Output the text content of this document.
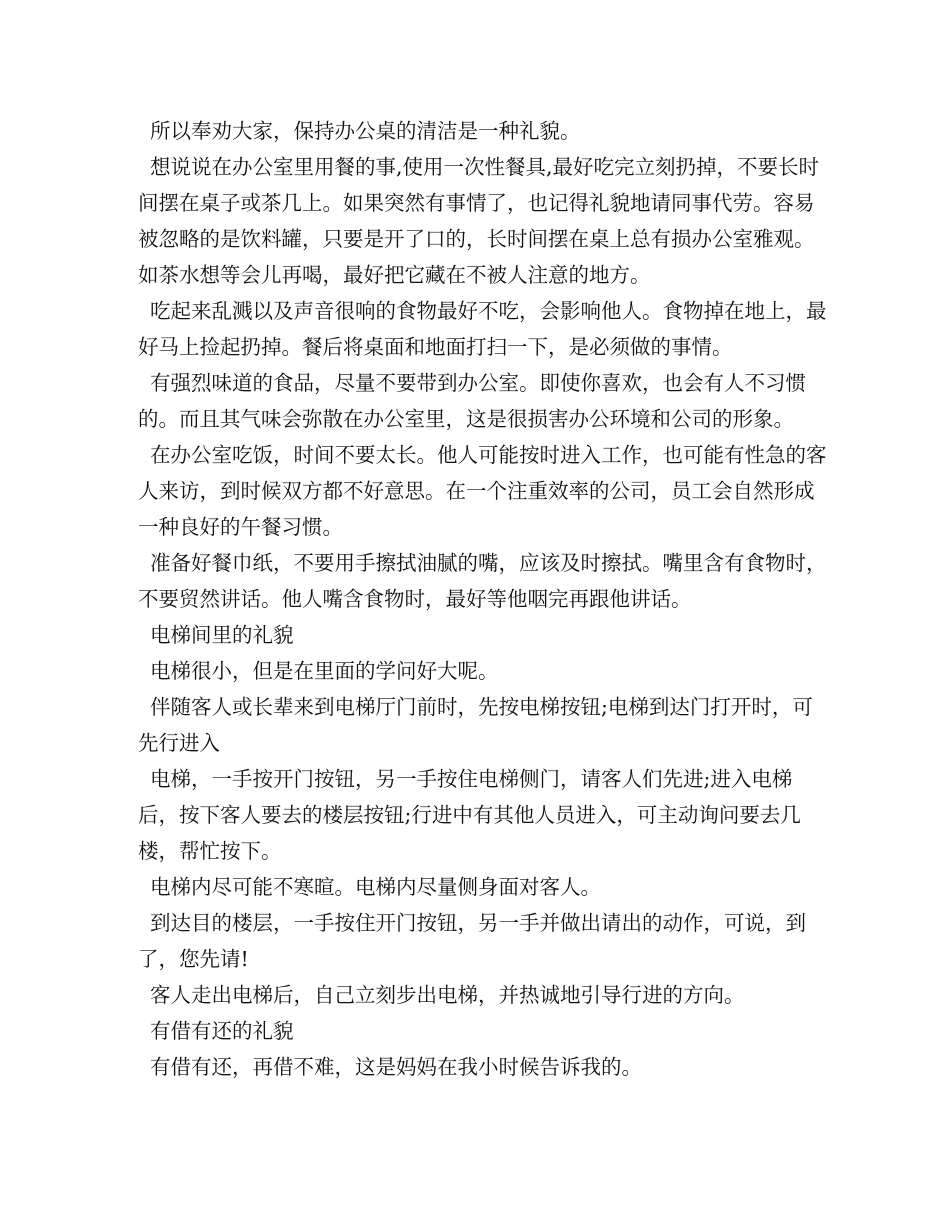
所以奉劝大家，保持办公桌的清洁是一种礼貌。

想说说在办公室里用餐的事,使用一次性餐具,最好吃完立刻扔掉，不要长时间摆在桌子或茶几上。如果突然有事情了，也记得礼貌地请同事代劳。容易被忽略的是饮料罐，只要是开了口的，长时间摆在桌上总有损办公室雅观。如茶水想等会儿再喝，最好把它藏在不被人注意的地方。

吃起来乱溅以及声音很响的食物最好不吃，会影响他人。食物掉在地上，最好马上捡起扔掉。餐后将桌面和地面打扫一下，是必须做的事情。

有强烈味道的食品，尽量不要带到办公室。即使你喜欢，也会有人不习惯的。而且其气味会弥散在办公室里，这是很损害办公环境和公司的形象。

在办公室吃饭，时间不要太长。他人可能按时进入工作，也可能有性急的客人来访，到时候双方都不好意思。在一个注重效率的公司，员工会自然形成一种良好的午餐习惯。

准备好餐巾纸，不要用手擦拭油腻的嘴，应该及时擦拭。嘴里含有食物时，不要贸然讲话。他人嘴含食物时，最好等他咽完再跟他讲话。

电梯间里的礼貌

电梯很小，但是在里面的学问好大呢。

伴随客人或长辈来到电梯厅门前时，先按电梯按钮;电梯到达门打开时，可先行进入

电梯，一手按开门按钮，另一手按住电梯侧门，请客人们先进;进入电梯后，按下客人要去的楼层按钮;行进中有其他人员进入，可主动询问要去几楼，帮忙按下。

电梯内尽可能不寒暄。电梯内尽量侧身面对客人。

到达目的楼层，一手按住开门按钮，另一手并做出请出的动作，可说，到了，您先请!

客人走出电梯后，自己立刻步出电梯，并热诚地引导行进的方向。

有借有还的礼貌

有借有还，再借不难，这是妈妈在我小时候告诉我的。
